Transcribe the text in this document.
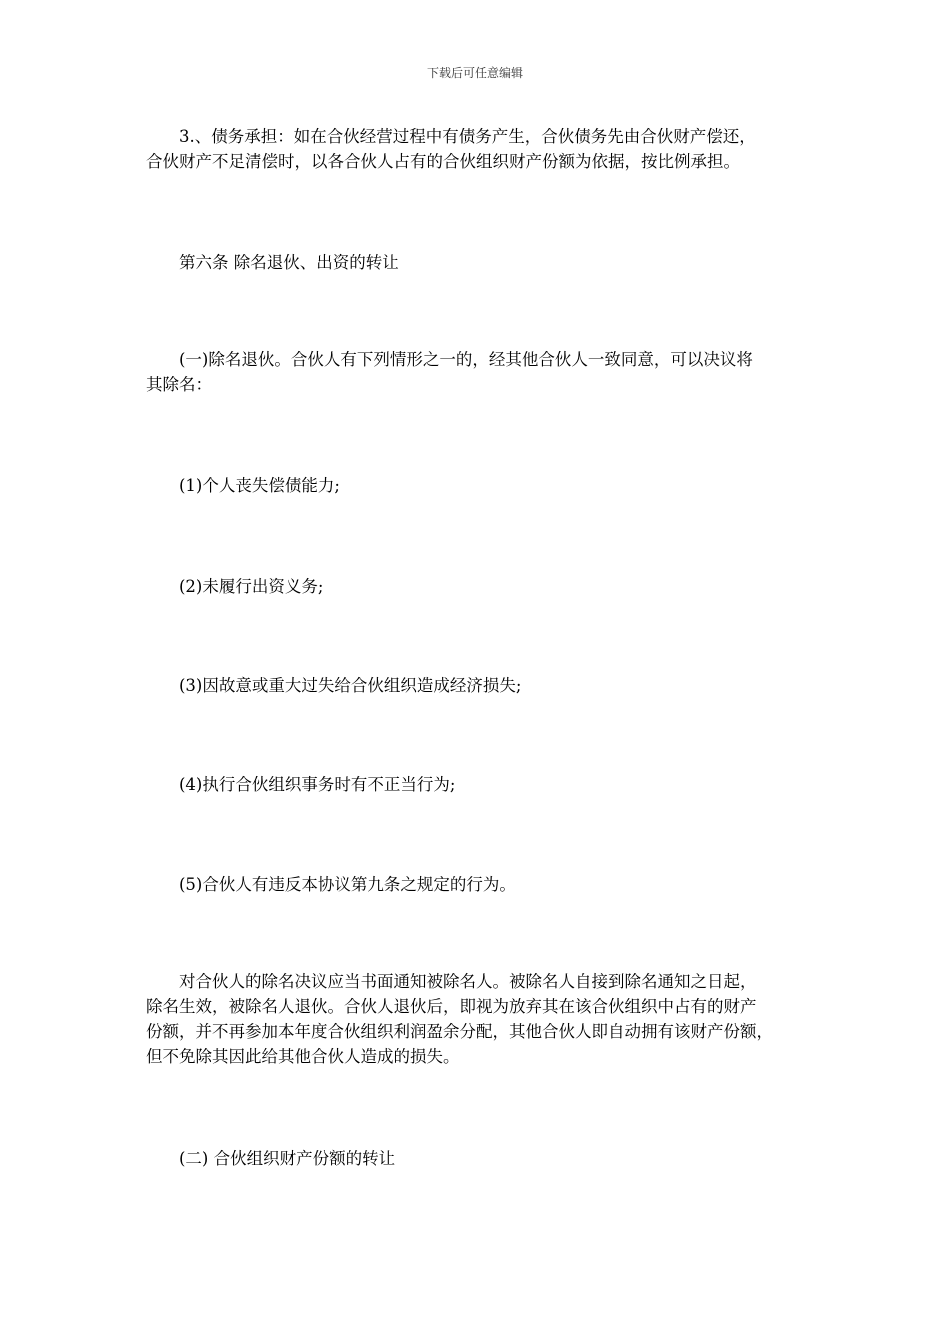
下载后可任意编辑
3.、债务承担：如在合伙经营过程中有债务产生，合伙债务先由合伙财产偿还，
合伙财产不足清偿时，以各合伙人占有的合伙组织财产份额为依据，按比例承担。
第六条 除名退伙、出资的转让
(一)除名退伙。合伙人有下列情形之一的，经其他合伙人一致同意，可以决议将
其除名：
(1)个人丧失偿债能力;
(2)未履行出资义务;
(3)因故意或重大过失给合伙组织造成经济损失;
(4)执行合伙组织事务时有不正当行为;
(5)合伙人有违反本协议第九条之规定的行为。
对合伙人的除名决议应当书面通知被除名人。被除名人自接到除名通知之日起，
除名生效，被除名人退伙。合伙人退伙后，即视为放弃其在该合伙组织中占有的财产
份额，并不再参加本年度合伙组织利润盈余分配，其他合伙人即自动拥有该财产份额，
但不免除其因此给其他合伙人造成的损失。
(二) 合伙组织财产份额的转让
